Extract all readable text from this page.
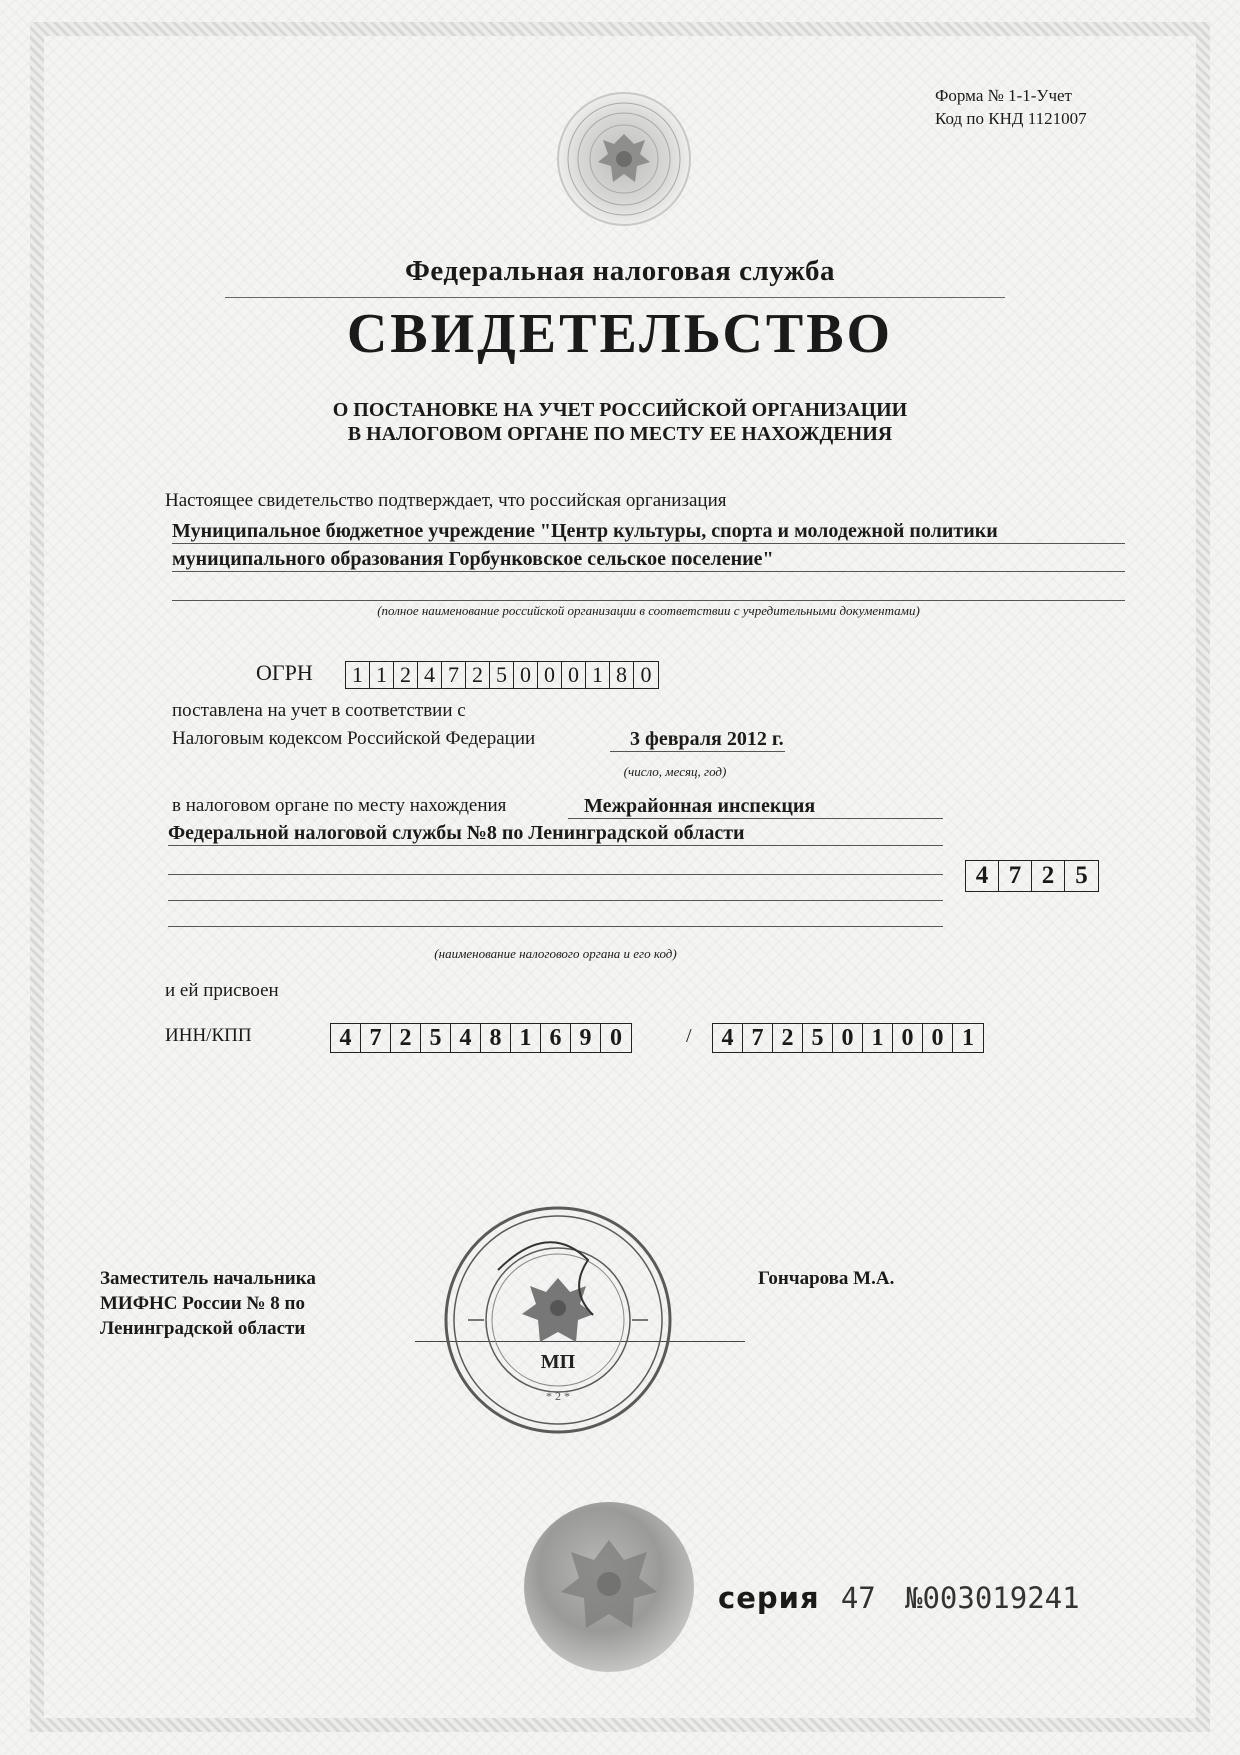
Форма № 1-1-Учет
Код по КНД 1121007
Федеральная налоговая служба
СВИДЕТЕЛЬСТВО
О ПОСТАНОВКЕ НА УЧЕТ РОССИЙСКОЙ ОРГАНИЗАЦИИ
В НАЛОГОВОМ ОРГАНЕ ПО МЕСТУ ЕЕ НАХОЖДЕНИЯ
Настоящее свидетельство подтверждает, что российская организация
Муниципальное бюджетное учреждение "Центр культуры, спорта и молодежной политики
муниципального образования Горбунковское сельское поселение"
(полное наименование российской организации в соответствии с учредительными документами)
ОГРН 1 1 2 4 7 2 5 0 0 0 1 8 0
поставлена на учет в соответствии с
Налоговым кодексом Российской Федерации	3 февраля 2012 г.
(число, месяц, год)
в налоговом органе по месту нахождения	Межрайонная инспекция
Федеральной налоговой службы №8 по Ленинградской области
4 7 2 5
(наименование налогового органа и его код)
и ей присвоен
ИНН/КПП	4 7 2 5 4 8 1 6 9 0	/	4 7 2 5 0 1 0 0 1
Заместитель начальника
МИФНС России № 8 по
Ленинградской области
Гончарова М.А.
МП
* 2 *
серия 47 №003019241
